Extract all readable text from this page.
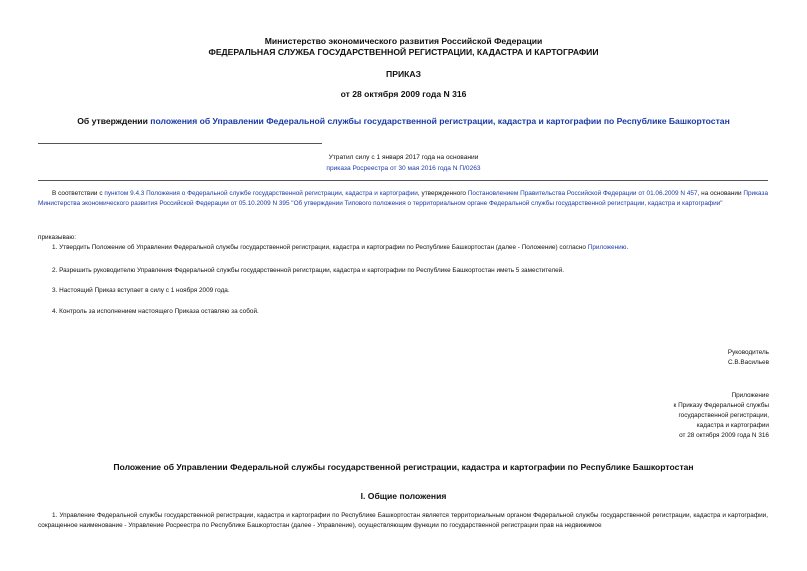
Министерство экономического развития Российской Федерации
ФЕДЕРАЛЬНАЯ СЛУЖБА ГОСУДАРСТВЕННОЙ РЕГИСТРАЦИИ, КАДАСТРА И КАРТОГРАФИИ
ПРИКАЗ
от 28 октября 2009 года N 316
Об утверждении положения об Управлении Федеральной службы государственной регистрации, кадастра и картографии по Республике Башкортостан
Утратил силу с 1 января 2017 года на основании
приказа Росреестра от 30 мая 2016 года N П/0263
В соответствии с пунктом 9.4.3 Положения о Федеральной службе государственной регистрации, кадастра и картографии, утвержденного Постановлением Правительства Российской Федерации от 01.06.2009 N 457, на основании Приказа Министерства экономического развития Российской Федерации от 05.10.2009 N 395 "Об утверждении Типового положения о территориальном органе Федеральной службы государственной регистрации, кадастра и картографии"
приказываю:
1. Утвердить Положение об Управлении Федеральной службы государственной регистрации, кадастра и картографии по Республике Башкортостан (далее - Положение) согласно Приложению.
2. Разрешить руководителю Управления Федеральной службы государственной регистрации, кадастра и картографии по Республике Башкортостан иметь 5 заместителей.
3. Настоящий Приказ вступает в силу с 1 ноября 2009 года.
4. Контроль за исполнением настоящего Приказа оставляю за собой.
Руководитель
С.В.Васильев
Приложение
к Приказу Федеральной службы
государственной регистрации,
кадастра и картографии
от 28 октября 2009 года N 316
Положение об Управлении Федеральной службы государственной регистрации, кадастра и картографии по Республике Башкортостан
I. Общие положения
1. Управление Федеральной службы государственной регистрации, кадастра и картографии по Республике Башкортостан является территориальным органом Федеральной службы государственной регистрации, кадастра и картографии, сокращенное наименование - Управление Росреестра по Республике Башкортостан (далее - Управление), осуществляющим функции по государственной регистрации прав на недвижимое
